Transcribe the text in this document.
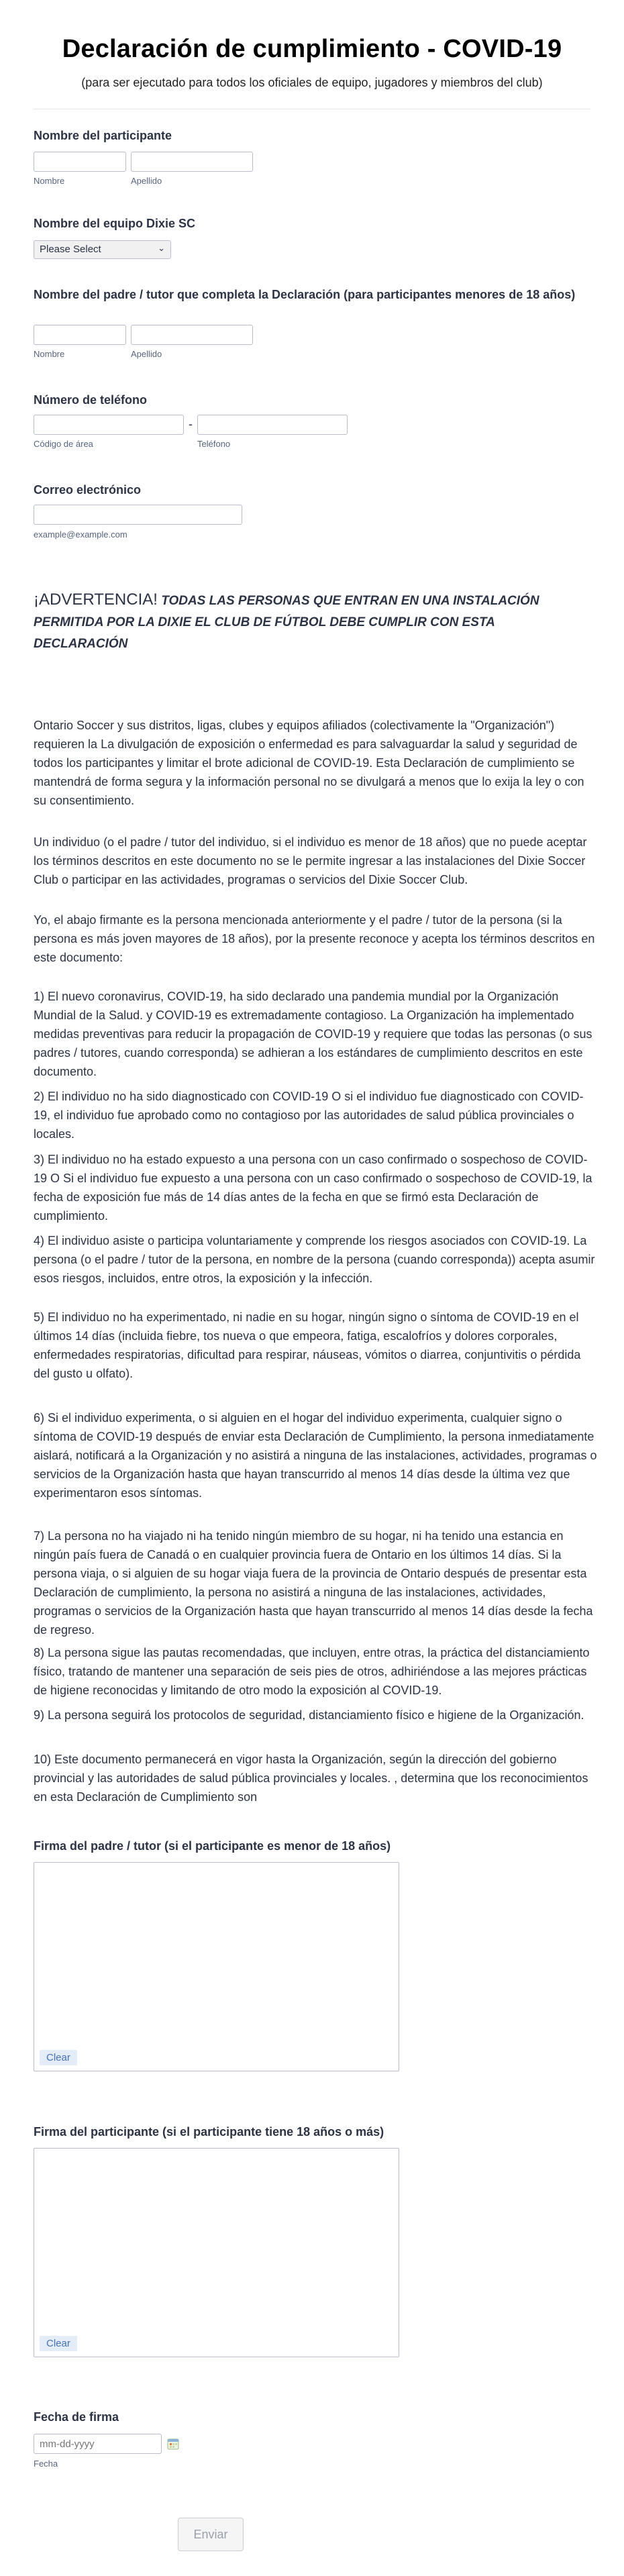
Declaración de cumplimiento - COVID-19
(para ser ejecutado para todos los oficiales de equipo, jugadores y miembros del club)
Nombre del participante
Nombre	Apellido
Nombre del equipo Dixie SC
Please Select	⌄
Nombre del padre / tutor que completa la Declaración (para participantes menores de 18 años)
Nombre	Apellido
Número de teléfono
-
Código de área	Teléfono
Correo electrónico
example@example.com
¡ADVERTENCIA! TODAS LAS PERSONAS QUE ENTRAN EN UNA INSTALACIÓN PERMITIDA POR LA DIXIE EL CLUB DE FÚTBOL DEBE CUMPLIR CON ESTA DECLARACIÓN
Ontario Soccer y sus distritos, ligas, clubes y equipos afiliados (colectivamente la "Organización") requieren la La divulgación de exposición o enfermedad es para salvaguardar la salud y seguridad de todos los participantes y limitar el brote adicional de COVID-19. Esta Declaración de cumplimiento se mantendrá de forma segura y la información personal no se divulgará a menos que lo exija la ley o con su consentimiento.
Un individuo (o el padre / tutor del individuo, si el individuo es menor de 18 años) que no puede aceptar los términos descritos en este documento no se le permite ingresar a las instalaciones del Dixie Soccer Club o participar en las actividades, programas o servicios del Dixie Soccer Club.
Yo, el abajo firmante es la persona mencionada anteriormente y el padre / tutor de la persona (si la persona es más joven mayores de 18 años), por la presente reconoce y acepta los términos descritos en este documento:
1) El nuevo coronavirus, COVID-19, ha sido declarado una pandemia mundial por la Organización Mundial de la Salud. y COVID-19 es extremadamente contagioso. La Organización ha implementado medidas preventivas para reducir la propagación de COVID-19 y requiere que todas las personas (o sus padres / tutores, cuando corresponda) se adhieran a los estándares de cumplimiento descritos en este documento.
2) El individuo no ha sido diagnosticado con COVID-19 O si el individuo fue diagnosticado con COVID-19, el individuo fue aprobado como no contagioso por las autoridades de salud pública provinciales o locales.
3) El individuo no ha estado expuesto a una persona con un caso confirmado o sospechoso de COVID-19 O Si el individuo fue expuesto a una persona con un caso confirmado o sospechoso de COVID-19, la fecha de exposición fue más de 14 días antes de la fecha en que se firmó esta Declaración de cumplimiento.
4) El individuo asiste o participa voluntariamente y comprende los riesgos asociados con COVID-19. La persona (o el padre / tutor de la persona, en nombre de la persona (cuando corresponda)) acepta asumir esos riesgos, incluidos, entre otros, la exposición y la infección.
5) El individuo no ha experimentado, ni nadie en su hogar, ningún signo o síntoma de COVID-19 en el últimos 14 días (incluida fiebre, tos nueva o que empeora, fatiga, escalofríos y dolores corporales, enfermedades respiratorias, dificultad para respirar, náuseas, vómitos o diarrea, conjuntivitis o pérdida del gusto u olfato).
6) Si el individuo experimenta, o si alguien en el hogar del individuo experimenta, cualquier signo o síntoma de COVID-19 después de enviar esta Declaración de Cumplimiento, la persona inmediatamente aislará, notificará a la Organización y no asistirá a ninguna de las instalaciones, actividades, programas o servicios de la Organización hasta que hayan transcurrido al menos 14 días desde la última vez que experimentaron esos síntomas.
7) La persona no ha viajado ni ha tenido ningún miembro de su hogar, ni ha tenido una estancia en ningún país fuera de Canadá o en cualquier provincia fuera de Ontario en los últimos 14 días. Si la persona viaja, o si alguien de su hogar viaja fuera de la provincia de Ontario después de presentar esta Declaración de cumplimiento, la persona no asistirá a ninguna de las instalaciones, actividades, programas o servicios de la Organización hasta que hayan transcurrido al menos 14 días desde la fecha de regreso.
8) La persona sigue las pautas recomendadas, que incluyen, entre otras, la práctica del distanciamiento físico, tratando de mantener una separación de seis pies de otros, adhiriéndose a las mejores prácticas de higiene reconocidas y limitando de otro modo la exposición al COVID-19.
9) La persona seguirá los protocolos de seguridad, distanciamiento físico e higiene de la Organización.
10) Este documento permanecerá en vigor hasta la Organización, según la dirección del gobierno provincial y las autoridades de salud pública provinciales y locales. , determina que los reconocimientos en esta Declaración de Cumplimiento son
Firma del padre / tutor (si el participante es menor de 18 años)
Clear
Firma del participante (si el participante tiene 18 años o más)
Clear
Fecha de firma
mm-dd-yyyy
Fecha
Enviar
